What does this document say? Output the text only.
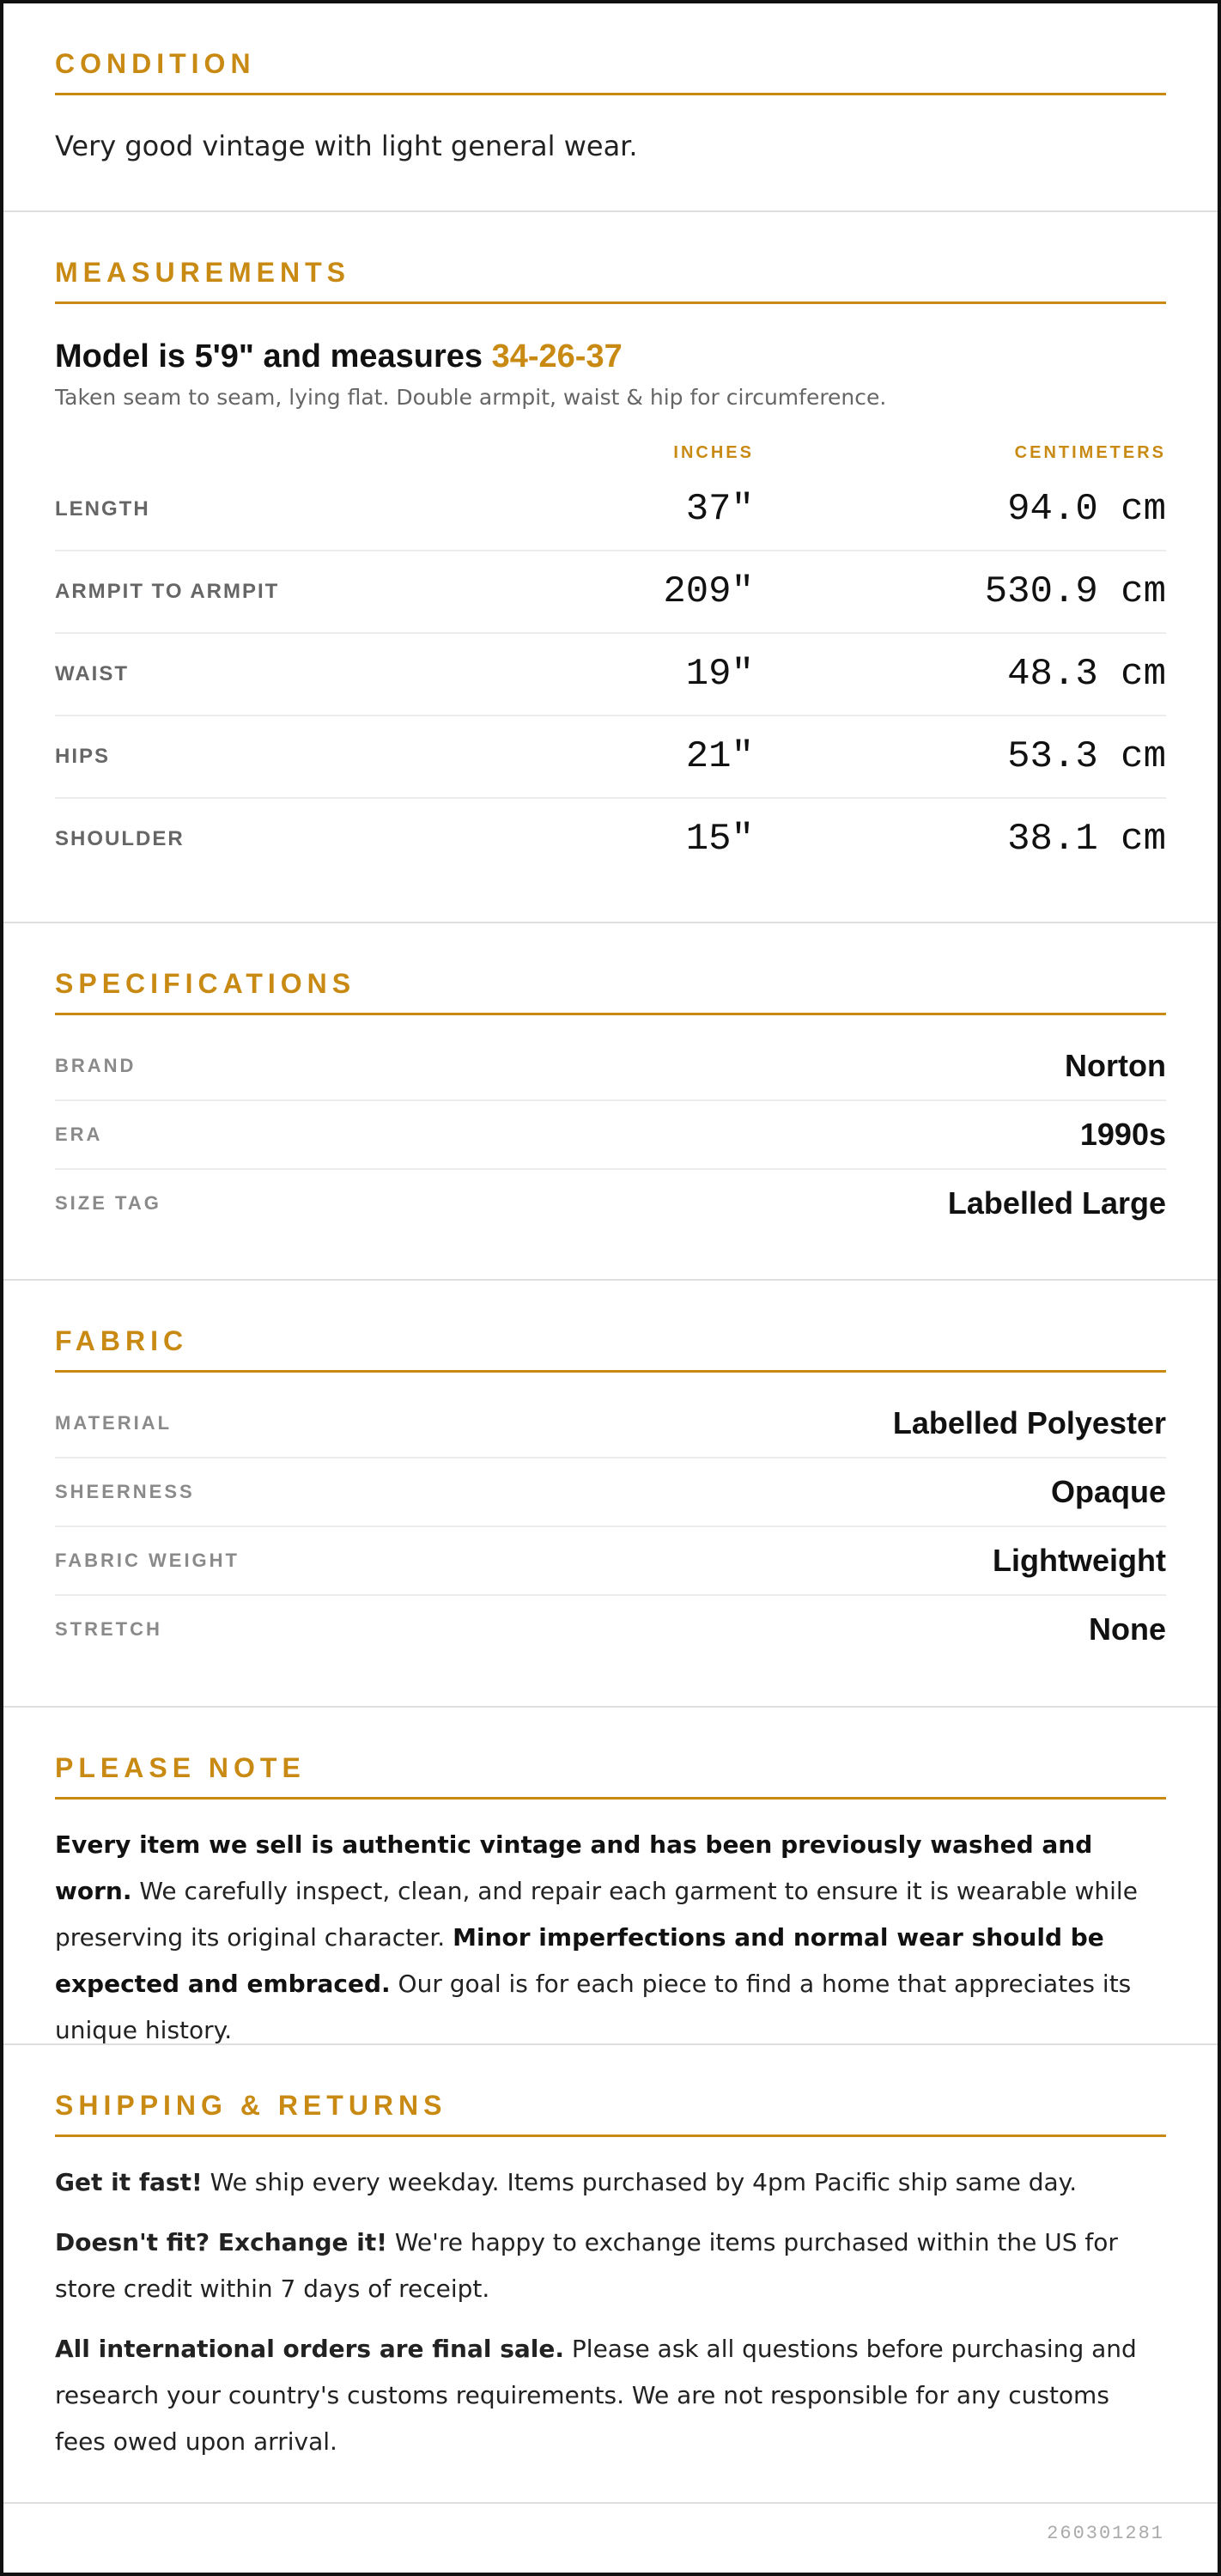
CONDITION
Very good vintage with light general wear.
MEASUREMENTS
Model is 5'9" and measures 34-26-37
Taken seam to seam, lying flat. Double armpit, waist & hip for circumference.
INCHES	CENTIMETERS
LENGTH	37"	94.0 cm
ARMPIT TO ARMPIT	209"	530.9 cm
WAIST	19"	48.3 cm
HIPS	21"	53.3 cm
SHOULDER	15"	38.1 cm
SPECIFICATIONS
BRAND	Norton
ERA	1990s
SIZE TAG	Labelled Large
FABRIC
MATERIAL	Labelled Polyester
SHEERNESS	Opaque
FABRIC WEIGHT	Lightweight
STRETCH	None
PLEASE NOTE

Every item we sell is authentic vintage and has been previously washed and worn. We carefully inspect, clean, and repair each garment to ensure it is wearable while preserving its original character. Minor imperfections and normal wear should be expected and embraced. Our goal is for each piece to find a home that appreciates its unique history.

SHIPPING & RETURNS

Get it fast! We ship every weekday. Items purchased by 4pm Pacific ship same day.

Doesn't fit? Exchange it! We're happy to exchange items purchased within the US for store credit within 7 days of receipt.

All international orders are final sale. Please ask all questions before purchasing and research your country's customs requirements. We are not responsible for any customs fees owed upon arrival.

260301281
